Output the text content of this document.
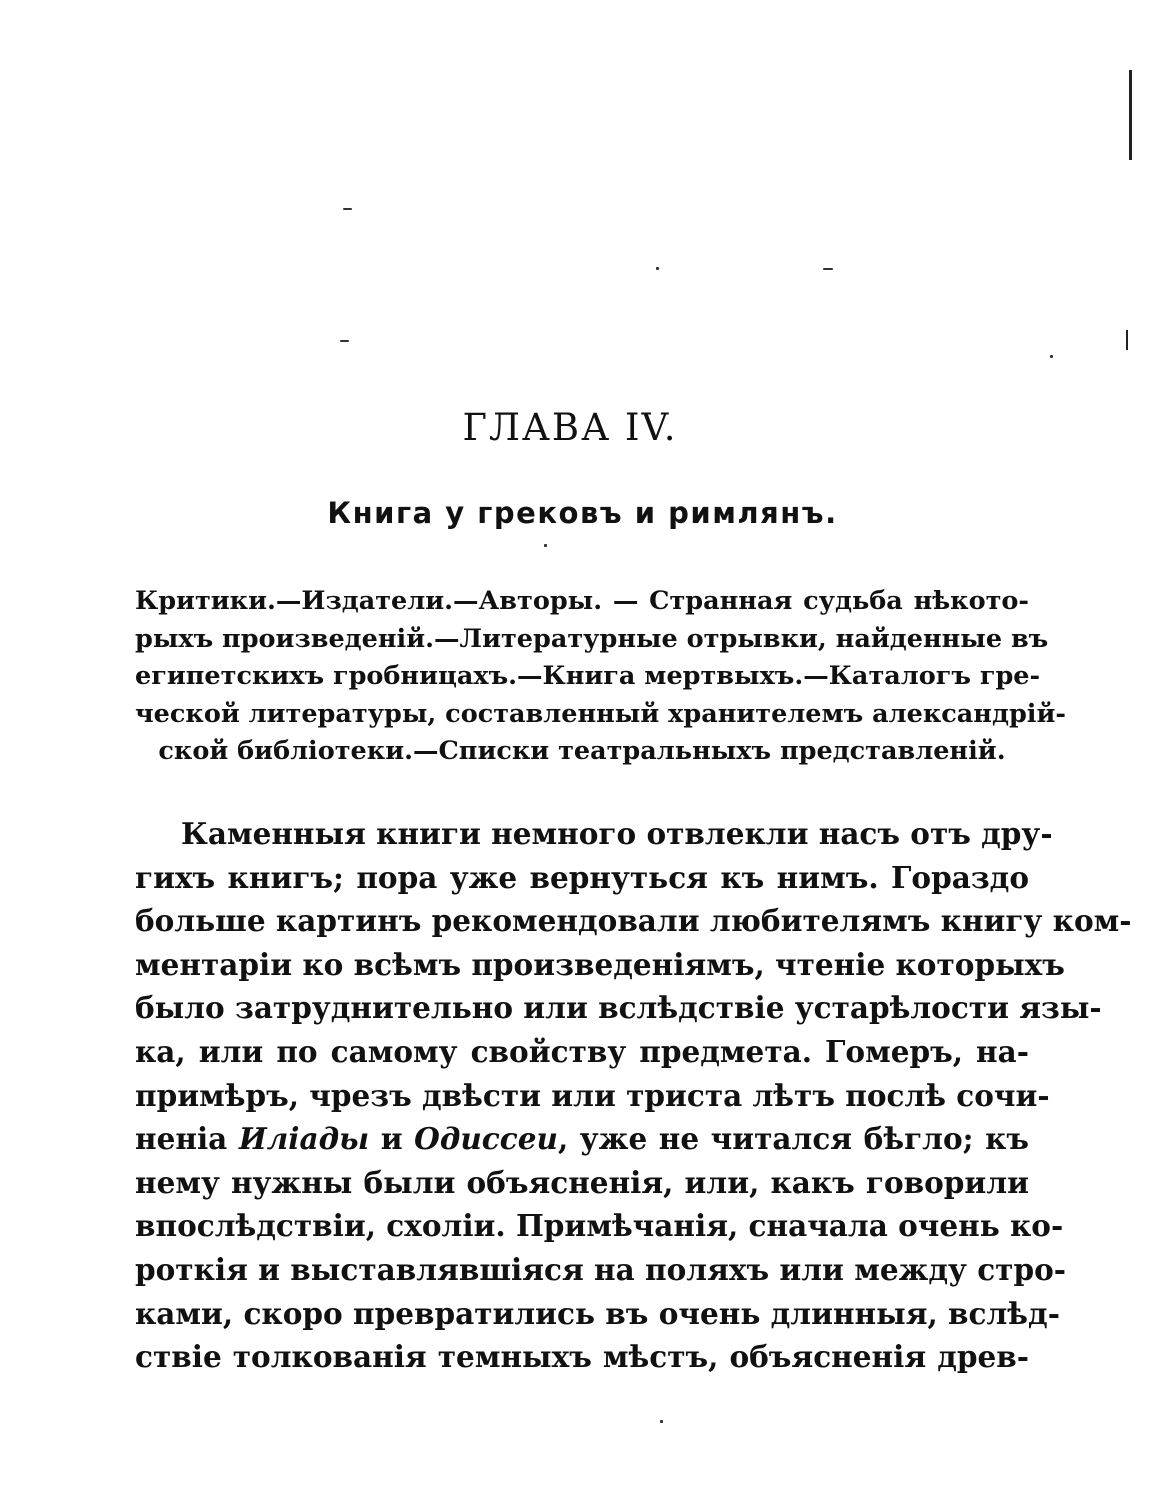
ГЛАВА IV.
Книга у грековъ и римлянъ.
Критики.—Издатели.—Авторы. — Странная судьба нѣкото-
рыхъ произведеній.—Литературные отрывки, найденные въ
египетскихъ гробницахъ.—Книга мертвыхъ.—Каталогъ гре-
ческой литературы, составленный хранителемъ александрій-
ской библіотеки.—Списки театральныхъ представленій.
Каменныя книги немного отвлекли насъ отъ дру-
гихъ книгъ; пора уже вернуться къ нимъ. Гораздо
больше картинъ рекомендовали любителямъ книгу ком-
ментаріи ко всѣмъ произведеніямъ, чтеніе которыхъ
было затруднительно или вслѣдствіе устарѣлости язы-
ка, или по самому свойству предмета. Гомеръ, на-
примѣръ, чрезъ двѣсти или триста лѣтъ послѣ сочи-
неніа Иліады и Одиссеи, уже не читался бѣгло; къ
нему нужны были объясненія, или, какъ говорили
впослѣдствіи, схоліи. Примѣчанія, сначала очень ко-
роткія и выставлявшіяся на поляхъ или между стро-
ками, скоро превратились въ очень длинныя, вслѣд-
ствіе толкованія темныхъ мѣстъ, объясненія древ-
